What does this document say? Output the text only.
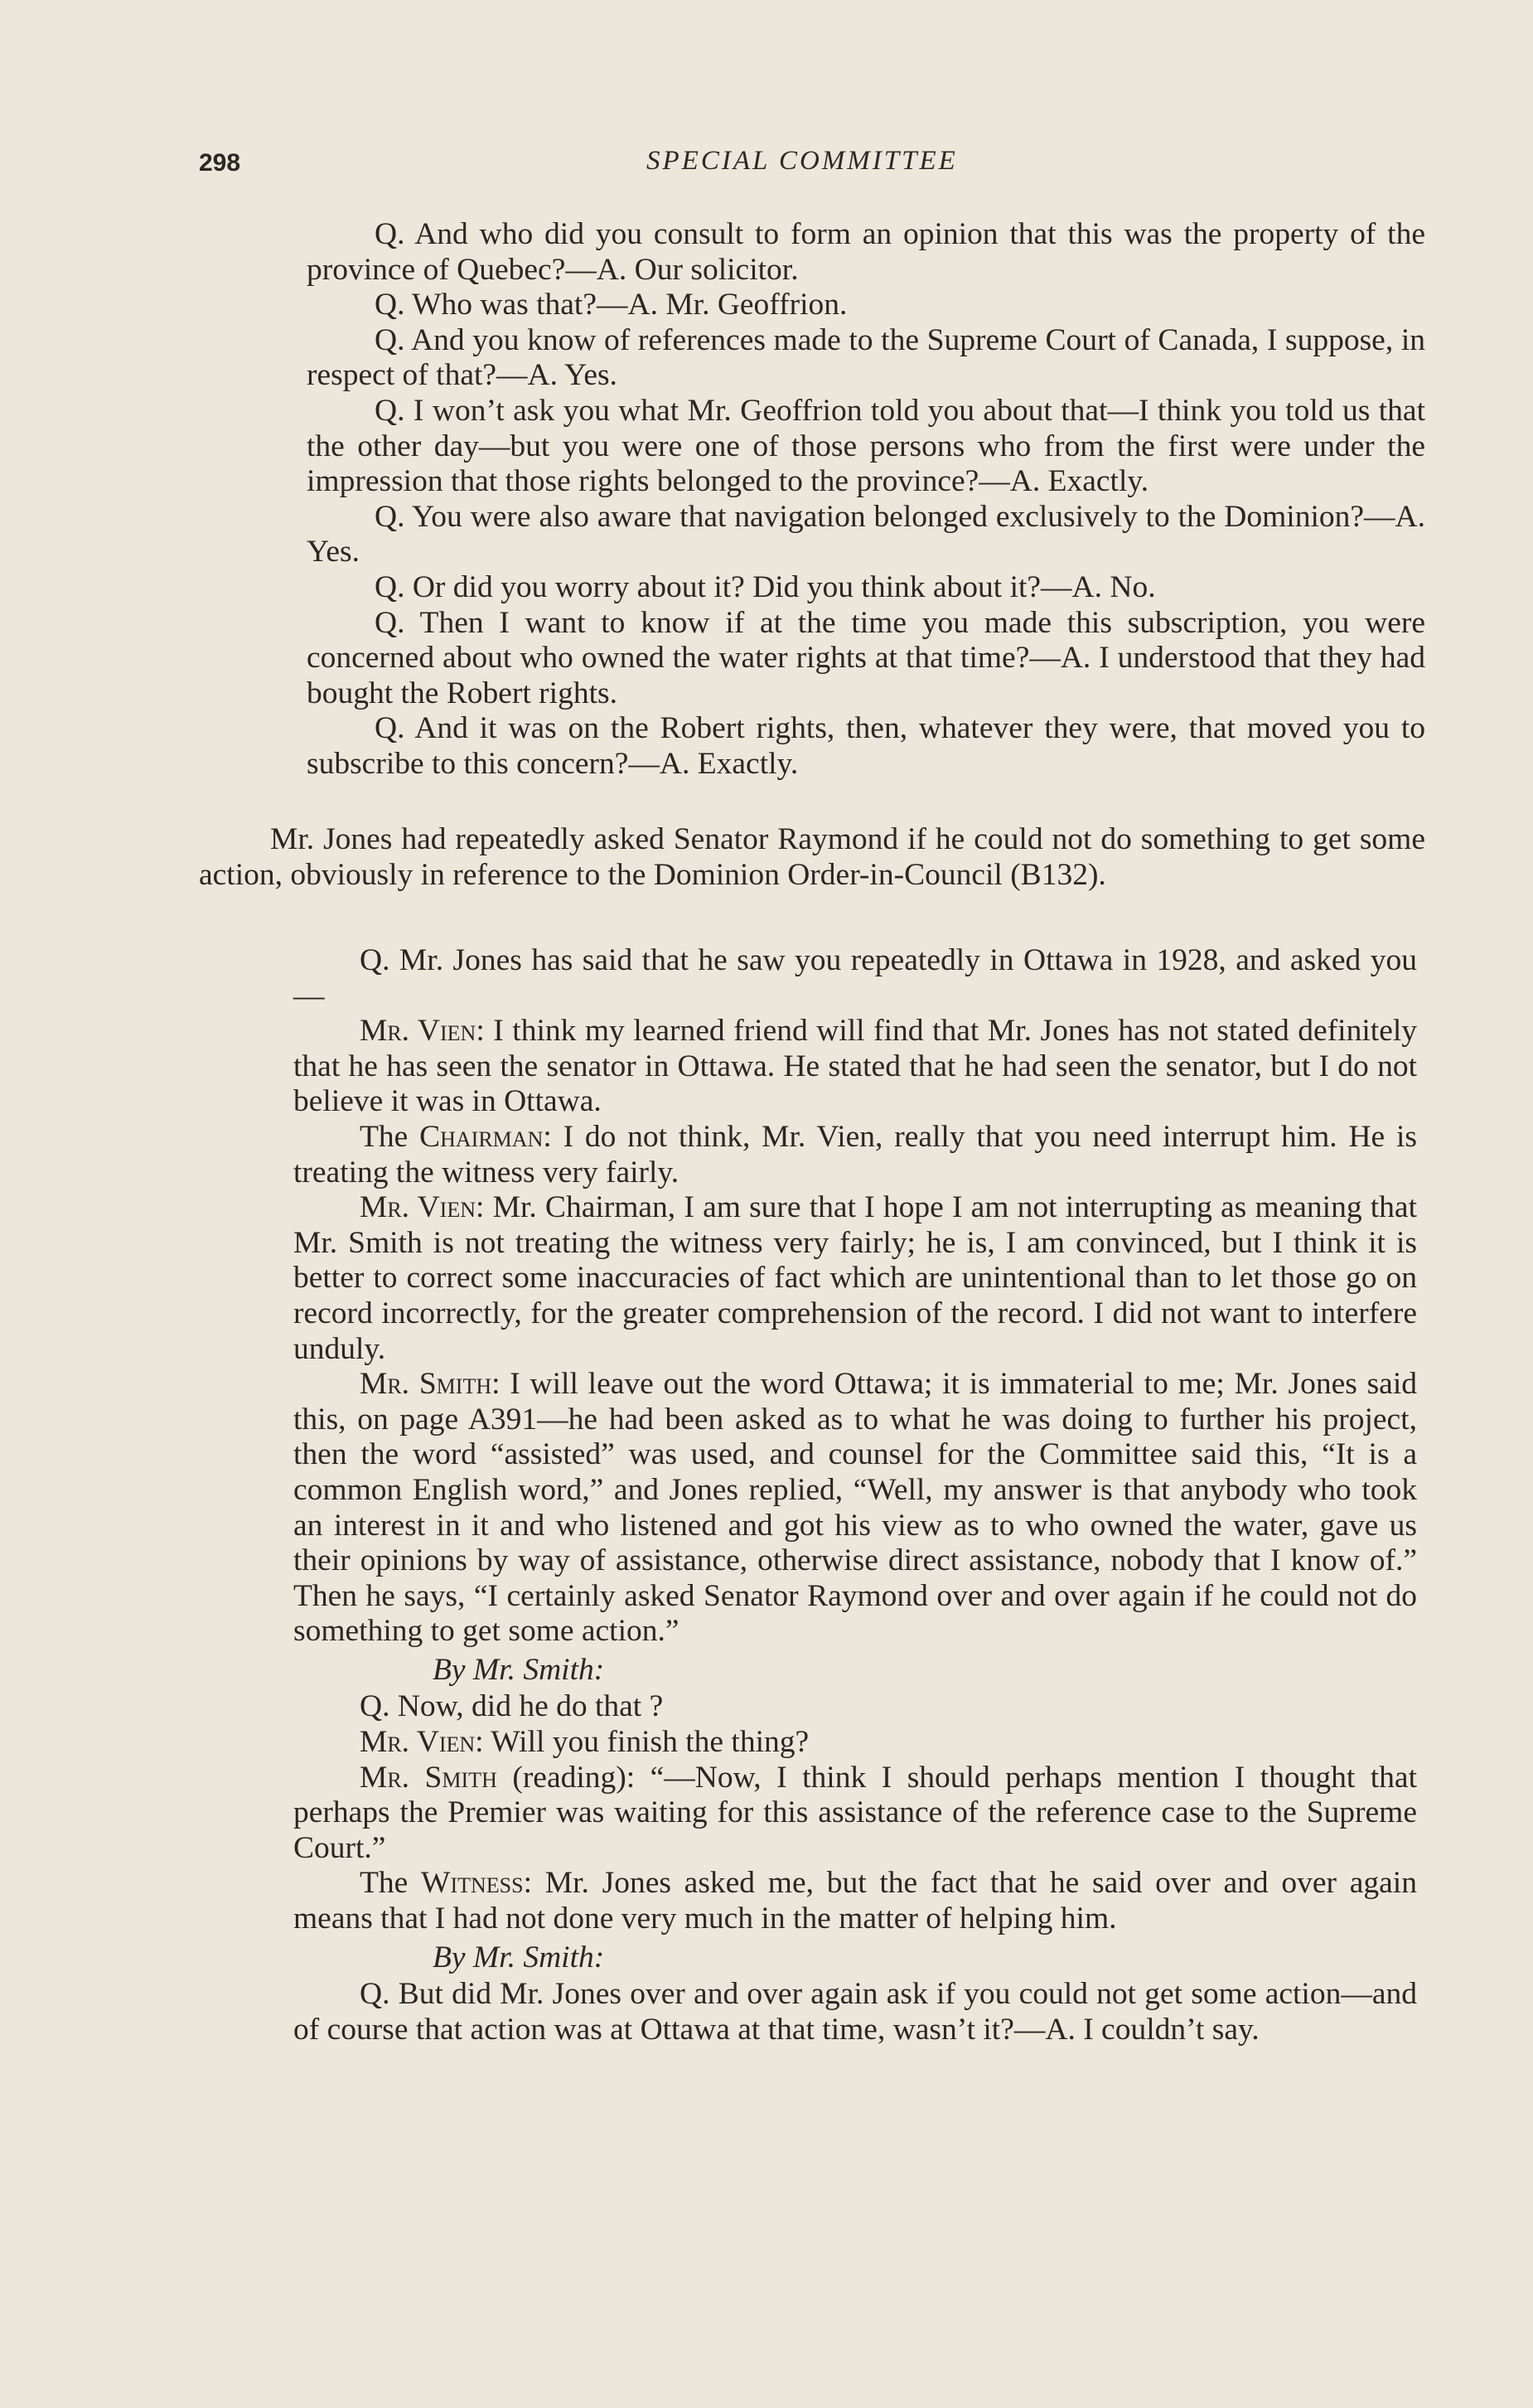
298	SPECIAL COMMITTEE

Q. And who did you consult to form an opinion that this was the property of the province of Quebec?—A. Our solicitor.

Q. Who was that?—A. Mr. Geoffrion.

Q. And you know of references made to the Supreme Court of Canada, I suppose, in respect of that?—A. Yes.

Q. I won’t ask you what Mr. Geoffrion told you about that—I think you told us that the other day—but you were one of those persons who from the first were under the impression that those rights belonged to the province?—A. Exactly.

Q. You were also aware that navigation belonged exclusively to the Dominion?—A. Yes.

Q. Or did you worry about it? Did you think about it?—A. No.

Q. Then I want to know if at the time you made this subscription, you were concerned about who owned the water rights at that time?—A. I understood that they had bought the Robert rights.

Q. And it was on the Robert rights, then, whatever they were, that moved you to subscribe to this concern?—A. Exactly.

Mr. Jones had repeatedly asked Senator Raymond if he could not do something to get some action, obviously in reference to the Dominion Order-in-Council (B132).

Q. Mr. Jones has said that he saw you repeatedly in Ottawa in 1928, and asked you—

Mr. Vien: I think my learned friend will find that Mr. Jones has not stated definitely that he has seen the senator in Ottawa. He stated that he had seen the senator, but I do not believe it was in Ottawa.

The Chairman: I do not think, Mr. Vien, really that you need interrupt him. He is treating the witness very fairly.

Mr. Vien: Mr. Chairman, I am sure that I hope I am not interrupting as meaning that Mr. Smith is not treating the witness very fairly; he is, I am convinced, but I think it is better to correct some inaccuracies of fact which are unintentional than to let those go on record incorrectly, for the greater comprehension of the record. I did not want to interfere unduly.

Mr. Smith: I will leave out the word Ottawa; it is immaterial to me; Mr. Jones said this, on page A391—he had been asked as to what he was doing to further his project, then the word “assisted” was used, and counsel for the Committee said this, “It is a common English word,” and Jones replied, “Well, my answer is that anybody who took an interest in it and who listened and got his view as to who owned the water, gave us their opinions by way of assistance, otherwise direct assistance, nobody that I know of.” Then he says, “I certainly asked Senator Raymond over and over again if he could not do something to get some action.”

By Mr. Smith:

Q. Now, did he do that ?

Mr. Vien: Will you finish the thing?

Mr. Smith (reading): “—Now, I think I should perhaps mention I thought that perhaps the Premier was waiting for this assistance of the reference case to the Supreme Court.”

The Witness: Mr. Jones asked me, but the fact that he said over and over again means that I had not done very much in the matter of helping him.

By Mr. Smith:

Q. But did Mr. Jones over and over again ask if you could not get some action—and of course that action was at Ottawa at that time, wasn’t it?—A. I couldn’t say.
